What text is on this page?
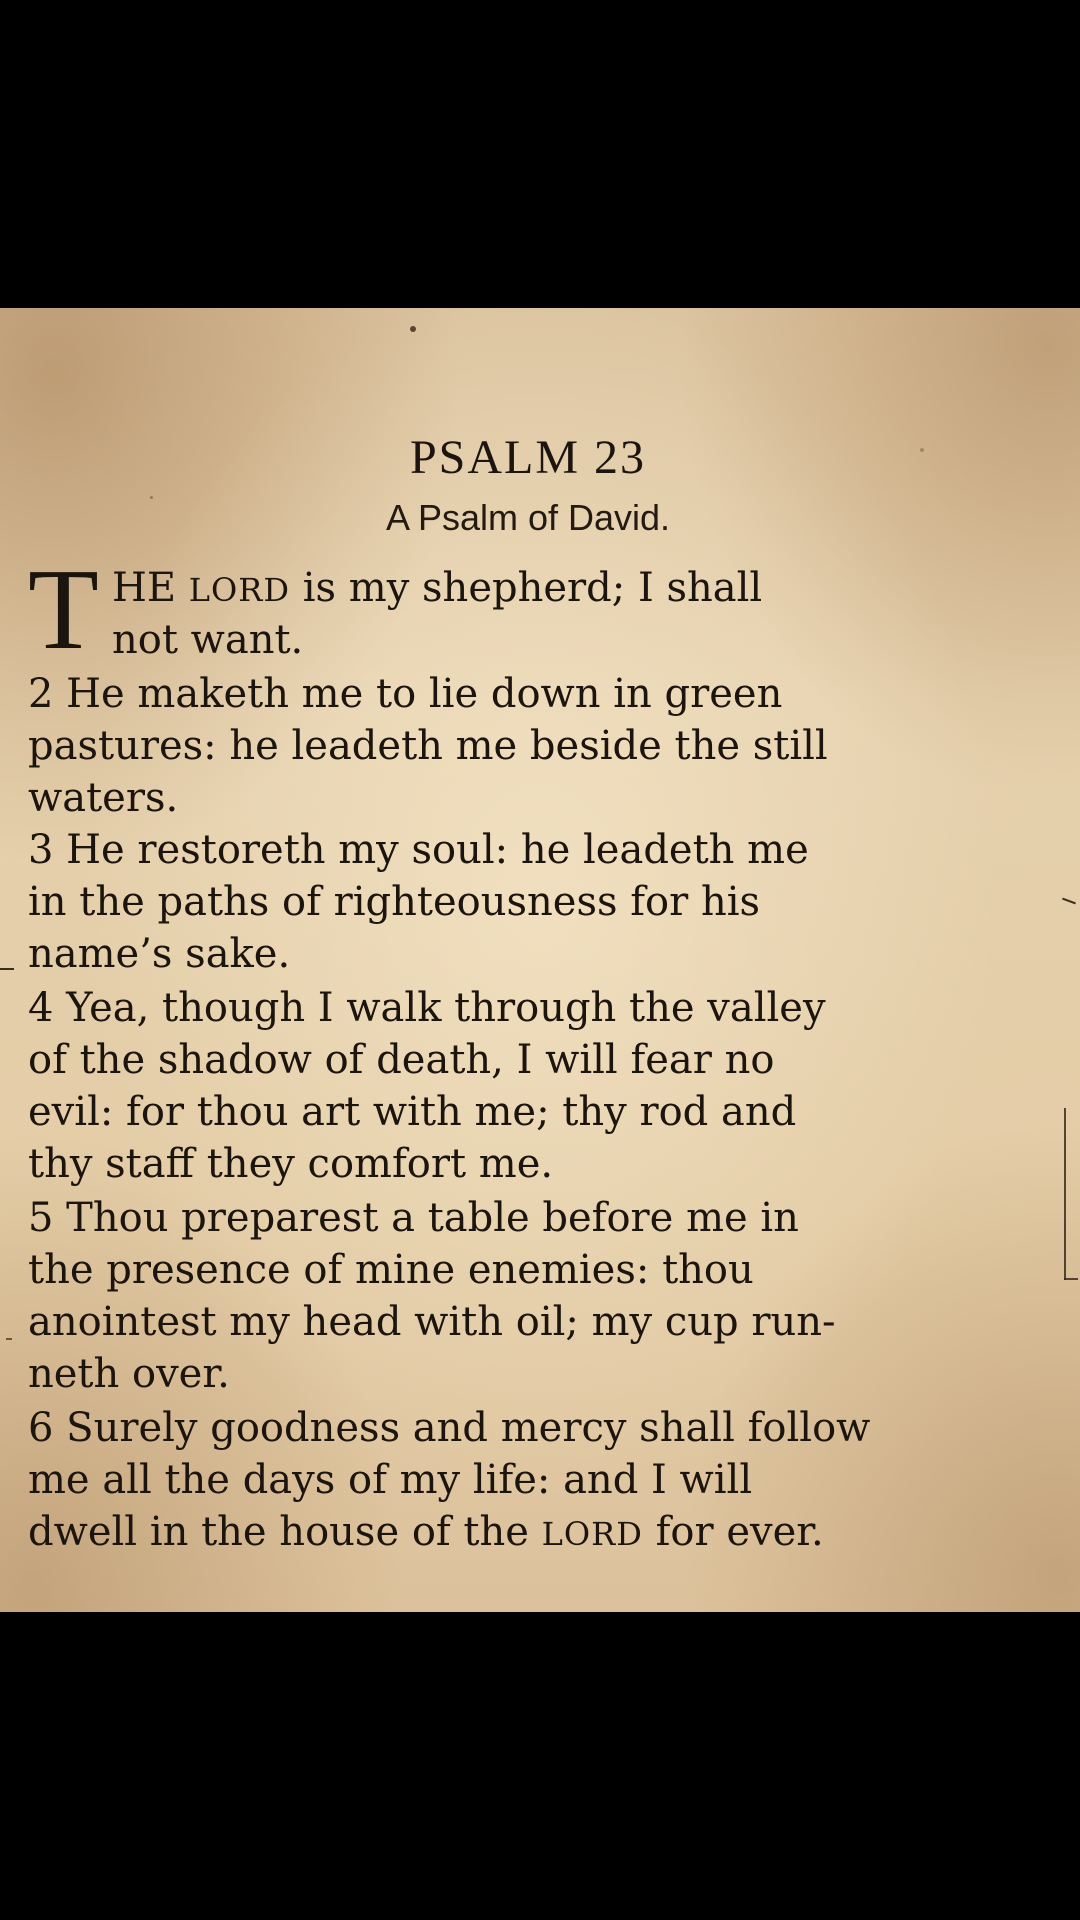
PSALM 23
A Psalm of David.
T HE LORD is my shepherd; I shall
not want.
2 He maketh me to lie down in green
pastures: he leadeth me beside the still
waters.
3 He restoreth my soul: he leadeth me
in the paths of righteousness for his
name’s sake.
4 Yea, though I walk through the valley
of the shadow of death, I will fear no
evil: for thou art with me; thy rod and
thy staff they comfort me.
5 Thou preparest a table before me in
the presence of mine enemies: thou
anointest my head with oil; my cup run-
neth over.
6 Surely goodness and mercy shall follow
me all the days of my life: and I will
dwell in the house of the LORD for ever.
